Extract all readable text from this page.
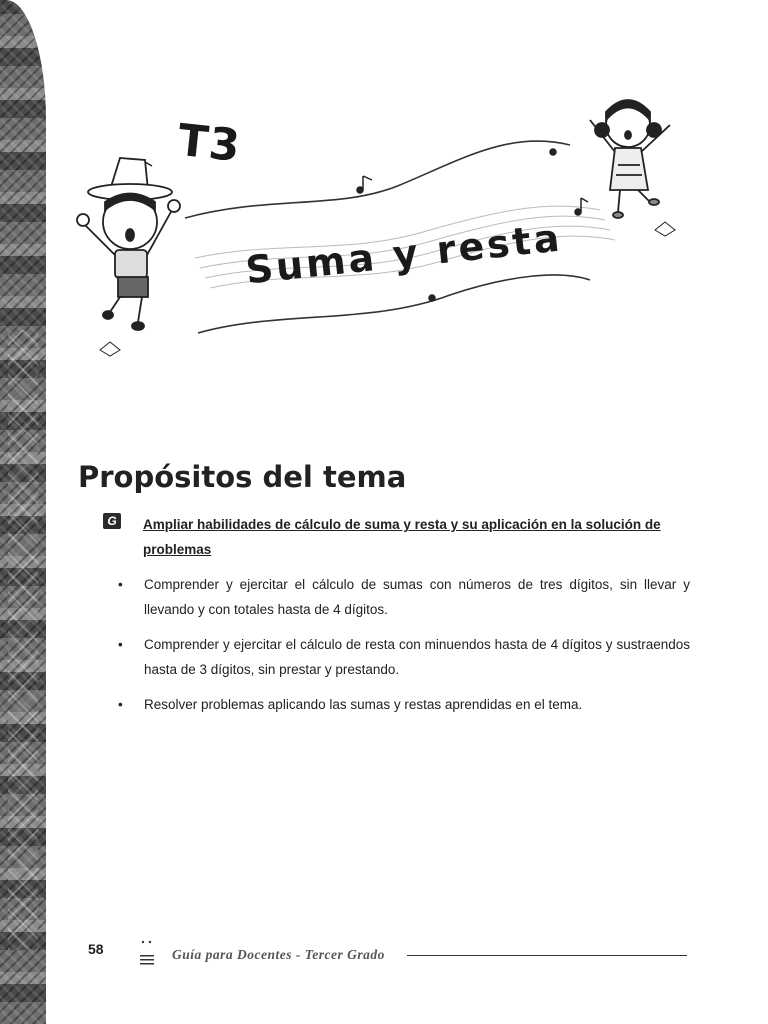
T3
Suma y resta
Propósitos del tema
G	Ampliar habilidades de cálculo de suma y resta y su aplicación en la solución de problemas

• Comprender y ejercitar el cálculo de sumas con números de tres dígitos, sin llevar y llevando y con totales hasta de 4 dígitos.
• Comprender y ejercitar el cálculo de resta con minuendos hasta de 4 dígitos y sustraendos hasta de 3 dígitos, sin prestar y prestando.
• Resolver problemas aplicando las sumas y restas aprendidas en el tema.
58	Guía para Docentes - Tercer Grado
